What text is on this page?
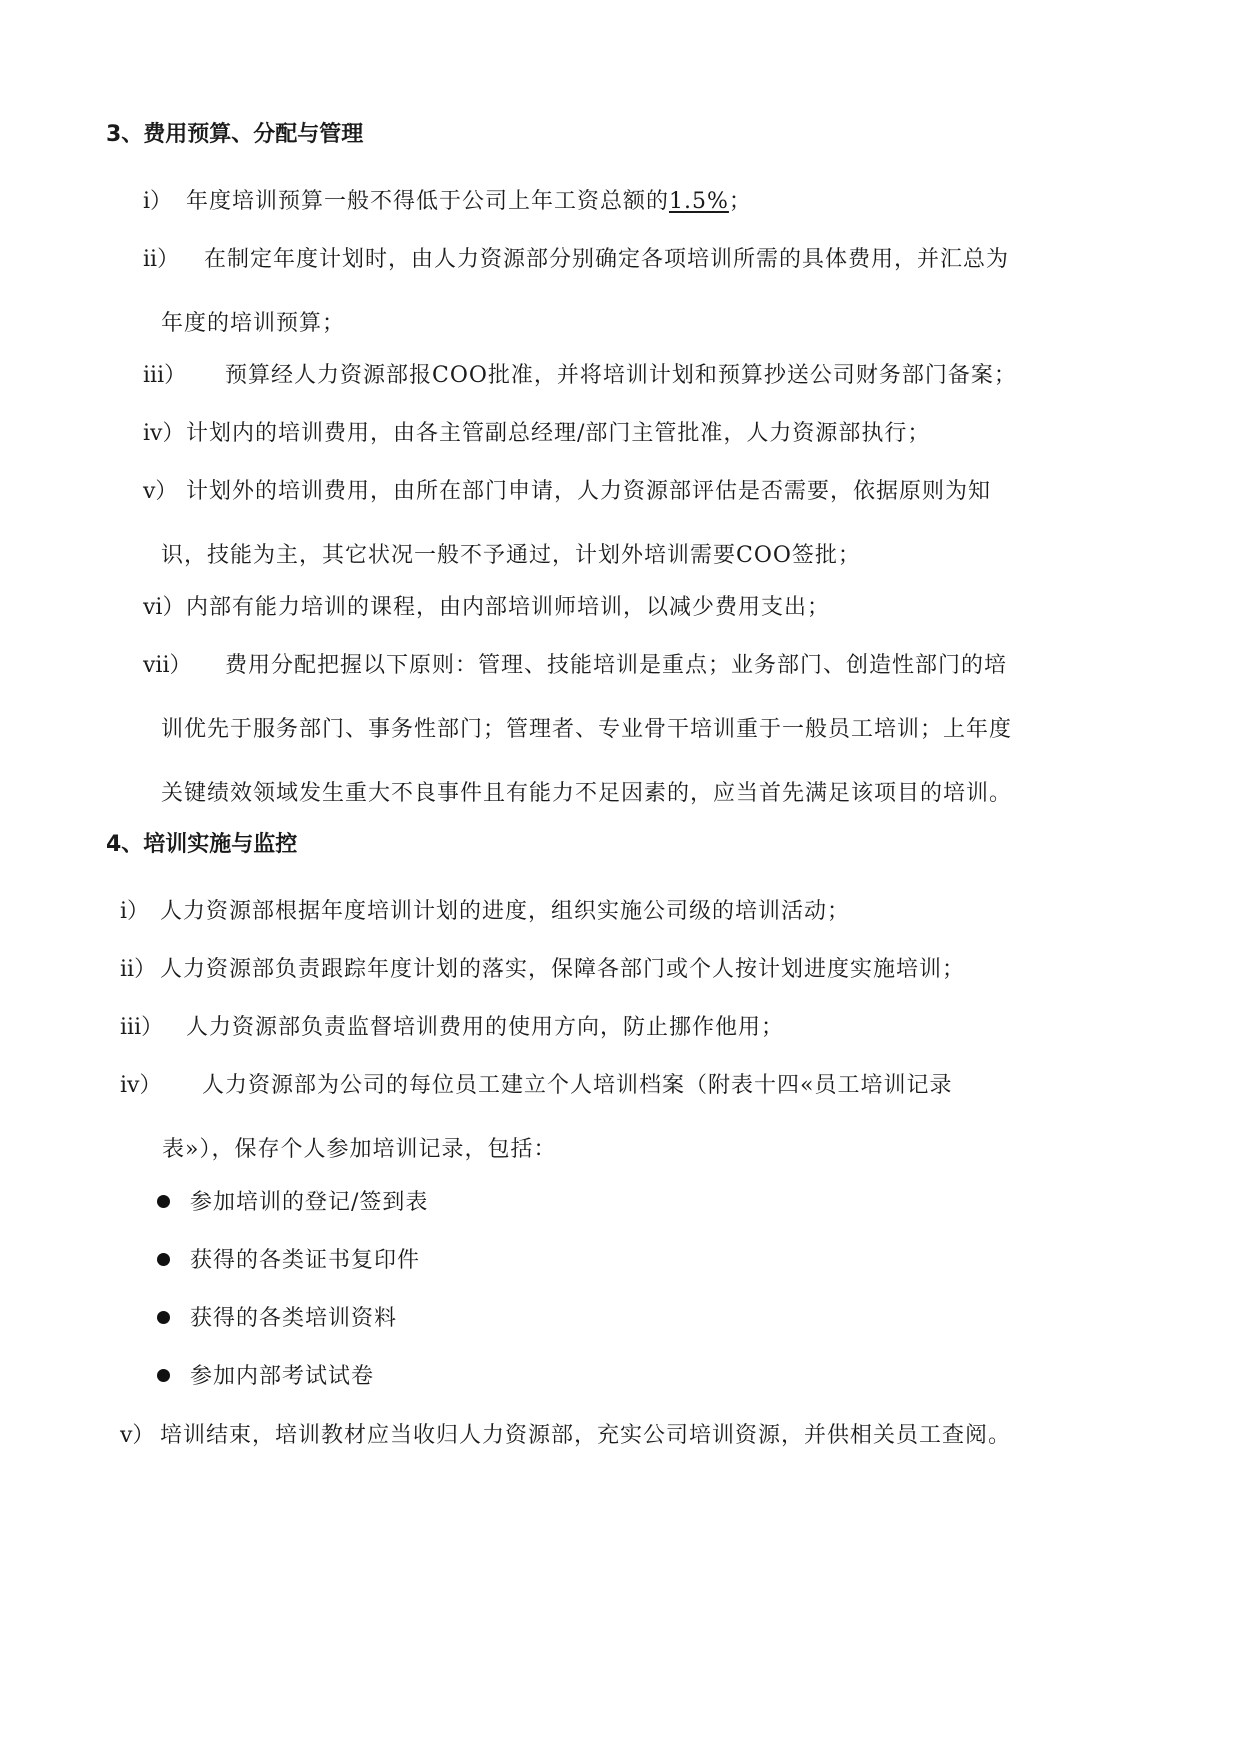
3、费用预算、分配与管理
i） 年度培训预算一般不得低于公司上年工资总额的1.5%；
ii）	在制定年度计划时，由人力资源部分别确定各项培训所需的具体费用，并汇总为年度的培训预算；
iii）	预算经人力资源部报COO批准，并将培训计划和预算抄送公司财务部门备案；
iv） 计划内的培训费用，由各主管副总经理/部门主管批准，人力资源部执行；
v） 计划外的培训费用，由所在部门申请，人力资源部评估是否需要，依据原则为知识，技能为主，其它状况一般不予通过，计划外培训需要COO签批；
vi） 内部有能力培训的课程，由内部培训师培训，以减少费用支出；
vii）	费用分配把握以下原则：管理、技能培训是重点；业务部门、创造性部门的培训优先于服务部门、事务性部门；管理者、专业骨干培训重于一般员工培训；上年度关键绩效领域发生重大不良事件且有能力不足因素的，应当首先满足该项目的培训。
4、培训实施与监控
i） 人力资源部根据年度培训计划的进度，组织实施公司级的培训活动；
ii） 人力资源部负责跟踪年度计划的落实，保障各部门或个人按计划进度实施培训；
iii）	人力资源部负责监督培训费用的使用方向，防止挪作他用；
iv）	人力资源部为公司的每位员工建立个人培训档案（附表十四«员工培训记录表»），保存个人参加培训记录，包括：
参加培训的登记/签到表
获得的各类证书复印件
获得的各类培训资料
参加内部考试试卷
v） 培训结束，培训教材应当收归人力资源部，充实公司培训资源，并供相关员工查阅。
